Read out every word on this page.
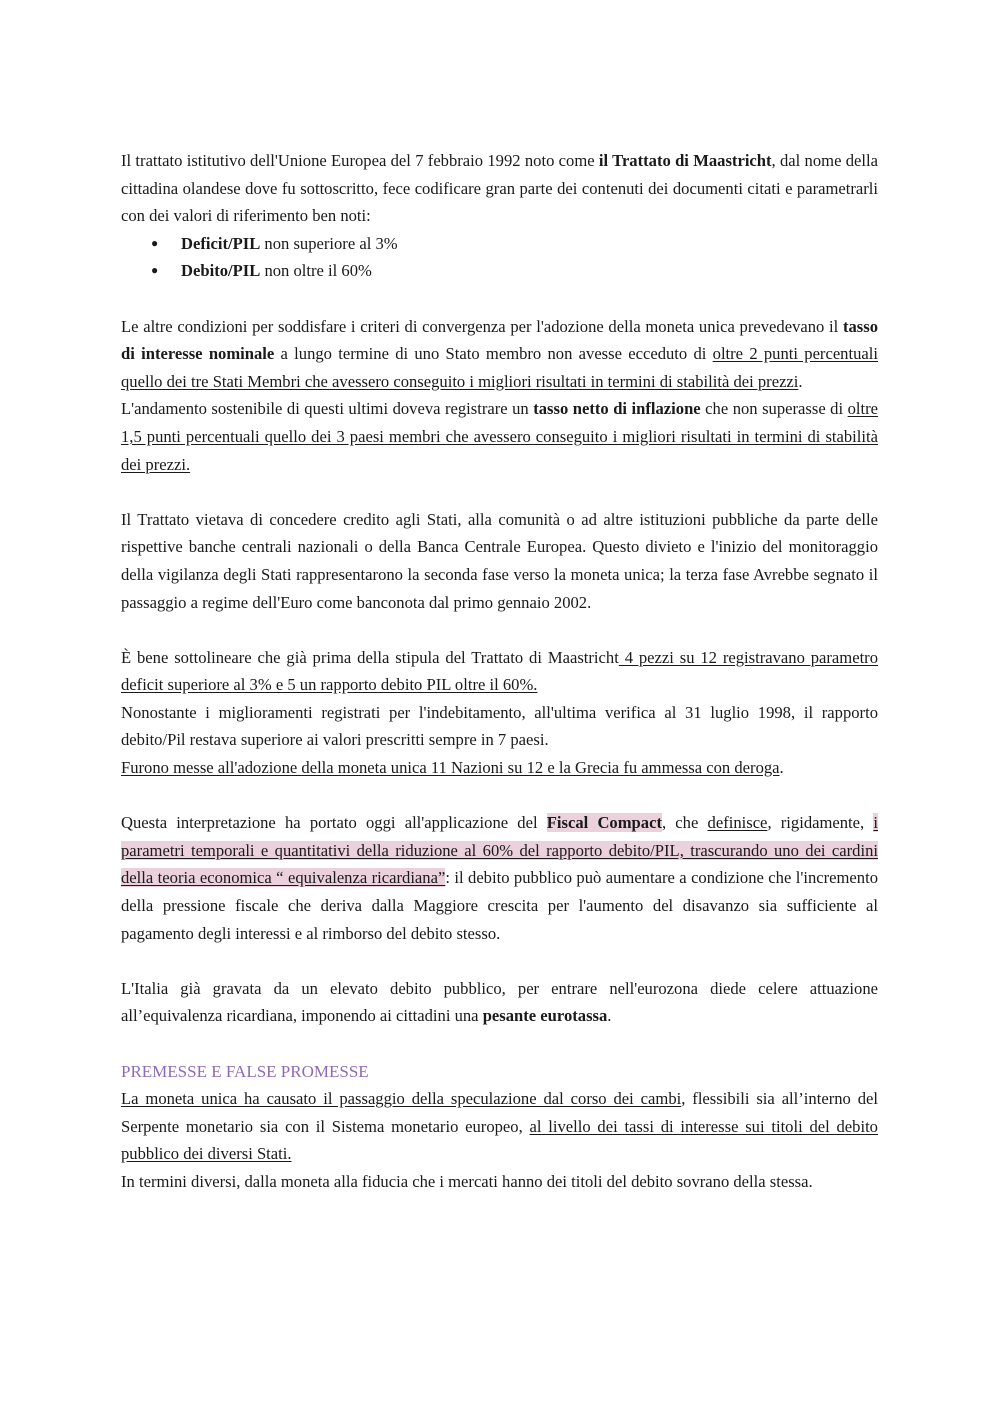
Il trattato istitutivo dell'Unione Europea del 7 febbraio 1992 noto come il Trattato di Maastricht, dal nome della cittadina olandese dove fu sottoscritto, fece codificare gran parte dei contenuti dei documenti citati e parametrarli con dei valori di riferimento ben noti:

● Deficit/PIL non superiore al 3%
● Debito/PIL non oltre il 60%

Le altre condizioni per soddisfare i criteri di convergenza per l'adozione della moneta unica prevedevano il tasso di interesse nominale a lungo termine di uno Stato membro non avesse ecceduto di oltre 2 punti percentuali quello dei tre Stati Membri che avessero conseguito i migliori risultati in termini di stabilità dei prezzi.

L'andamento sostenibile di questi ultimi doveva registrare un tasso netto di inflazione che non superasse di oltre 1,5 punti percentuali quello dei 3 paesi membri che avessero conseguito i migliori risultati in termini di stabilità dei prezzi.

Il Trattato vietava di concedere credito agli Stati, alla comunità o ad altre istituzioni pubbliche da parte delle rispettive banche centrali nazionali o della Banca Centrale Europea. Questo divieto e l'inizio del monitoraggio della vigilanza degli Stati rappresentarono la seconda fase verso la moneta unica; la terza fase Avrebbe segnato il passaggio a regime dell'Euro come banconota dal primo gennaio 2002.

È bene sottolineare che già prima della stipula del Trattato di Maastricht 4 pezzi su 12 registravano parametro deficit superiore al 3% e 5 un rapporto debito PIL oltre il 60%.

Nonostante i miglioramenti registrati per l'indebitamento, all'ultima verifica al 31 luglio 1998, il rapporto debito/Pil restava superiore ai valori prescritti sempre in 7 paesi.

Furono messe all'adozione della moneta unica 11 Nazioni su 12 e la Grecia fu ammessa con deroga.

Questa interpretazione ha portato oggi all'applicazione del Fiscal Compact, che definisce, rigidamente, i parametri temporali e quantitativi della riduzione al 60% del rapporto debito/PIL, trascurando uno dei cardini della teoria economica “ equivalenza ricardiana”: il debito pubblico può aumentare a condizione che l'incremento della pressione fiscale che deriva dalla Maggiore crescita per l'aumento del disavanzo sia sufficiente al pagamento degli interessi e al rimborso del debito stesso.

L'Italia già gravata da un elevato debito pubblico, per entrare nell'eurozona diede celere attuazione all’equivalenza ricardiana, imponendo ai cittadini una pesante eurotassa.

PREMESSE E FALSE PROMESSE

La moneta unica ha causato il passaggio della speculazione dal corso dei cambi, flessibili sia all’interno del Serpente monetario sia con il Sistema monetario europeo, al livello dei tassi di interesse sui titoli del debito pubblico dei diversi Stati.

In termini diversi, dalla moneta alla fiducia che i mercati hanno dei titoli del debito sovrano della stessa.
